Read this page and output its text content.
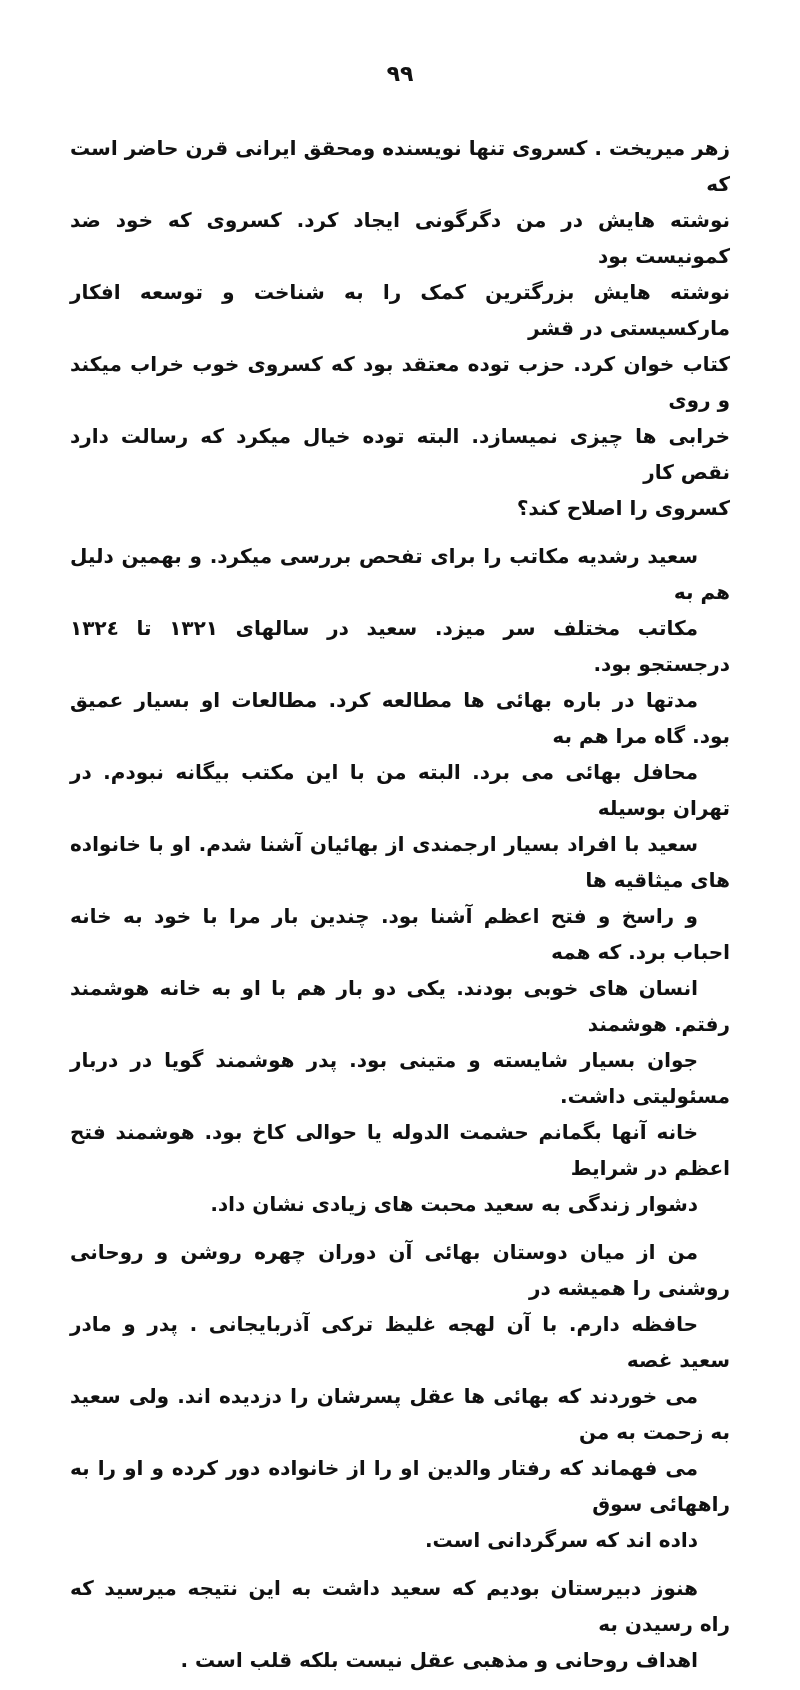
۹۹

زهر میریخت . کسروی تنها نویسنده ومحقق ایرانی قرن حاضر است که
نوشته هایش در من دگرگونی ایجاد کرد. کسروی که خود ضد کمونیست بود
نوشته هایش بزرگترین کمک را به شناخت و توسعه افکار مارکسیستی در قشر
کتاب خوان کرد. حزب توده معتقد بود که کسروی خوب خراب میکند و روی
خرابی ها چیزی نمیسازد. البته توده خیال میکرد که رسالت دارد نقص کار
کسروی را اصلاح کند؟

سعید رشدیه مکاتب را برای تفحص بررسی میکرد. و بهمین دلیل هم به
مکاتب مختلف سر میزد. سعید در سالهای ۱۳۲۱ تا ۱۳۲٤ درجستجو بود.
مدتها در باره بهائی ها مطالعه کرد. مطالعات او بسیار عمیق بود. گاه مرا هم به
محافل بهائی می برد. البته من با این مکتب بیگانه نبودم. در تهران بوسیله
سعید با افراد بسیار ارجمندی از بهائیان آشنا شدم. او با خانواده های میثاقیه ها
و راسخ و فتح اعظم آشنا بود. چندین بار مرا با خود به خانه احباب برد. که همه
انسان های خوبی بودند. یکی دو بار هم با او به خانه هوشمند رفتم. هوشمند
جوان بسیار شایسته و متینی بود. پدر هوشمند گویا در دربار مسئولیتی داشت.
خانه آنها بگمانم حشمت الدوله یا حوالی کاخ بود. هوشمند فتح اعظم در شرایط
دشوار زندگی به سعید محبت های زیادی نشان داد.

من از میان دوستان بهائی آن دوران چهره روشن و روحانی روشنی را همیشه در
حافظه دارم. با آن لهجه غلیظ ترکی آذربایجانی . پدر و مادر سعید غصه
می خوردند که بهائی ها عقل پسرشان را دزدیده اند. ولی سعید به زحمت به من
می فهماند که رفتار والدین او را از خانواده دور کرده و او را به راههائی سوق
داده اند که سرگردانی است.

هنوز دبیرستان بودیم که سعید داشت به این نتیجه میرسید که راه رسیدن به
اهداف روحانی و مذهبی عقل نیست بلکه قلب است .
